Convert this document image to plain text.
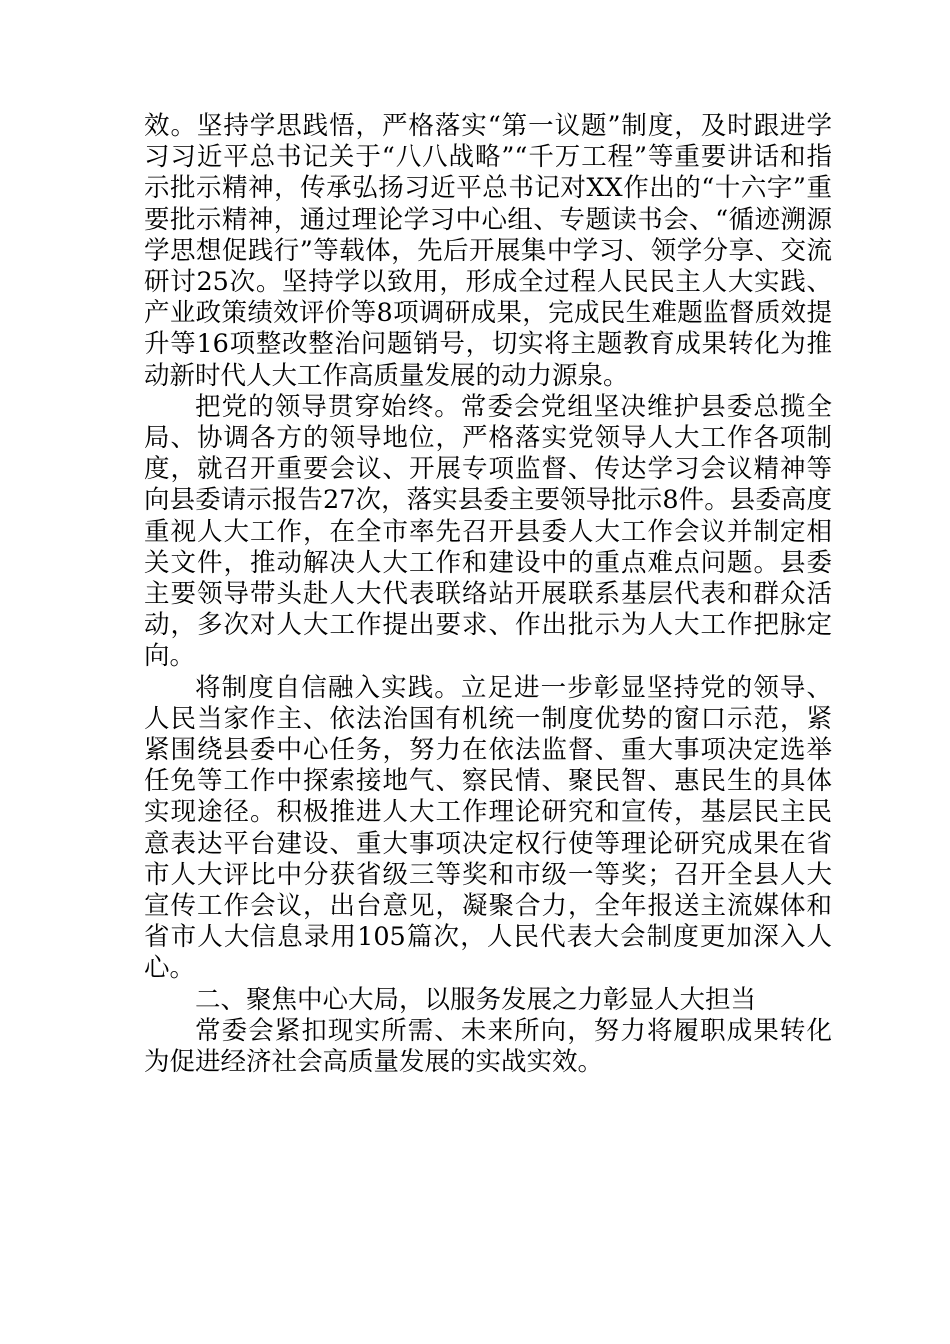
效。坚持学思践悟，严格落实“第一议题”制度，及时跟进学习习近平总书记关于“八八战略”“千万工程”等重要讲话和指示批示精神，传承弘扬习近平总书记对XX作出的“十六字”重要批示精神，通过理论学习中心组、专题读书会、“循迹溯源学思想促践行”等载体，先后开展集中学习、领学分享、交流研讨25次。坚持学以致用，形成全过程人民民主人大实践、产业政策绩效评价等8项调研成果，完成民生难题监督质效提升等16项整改整治问题销号，切实将主题教育成果转化为推动新时代人大工作高质量发展的动力源泉。

把党的领导贯穿始终。常委会党组坚决维护县委总揽全局、协调各方的领导地位，严格落实党领导人大工作各项制度，就召开重要会议、开展专项监督、传达学习会议精神等向县委请示报告27次，落实县委主要领导批示8件。县委高度重视人大工作，在全市率先召开县委人大工作会议并制定相关文件，推动解决人大工作和建设中的重点难点问题。县委主要领导带头赴人大代表联络站开展联系基层代表和群众活动，多次对人大工作提出要求、作出批示为人大工作把脉定向。

将制度自信融入实践。立足进一步彰显坚持党的领导、人民当家作主、依法治国有机统一制度优势的窗口示范，紧紧围绕县委中心任务，努力在依法监督、重大事项决定选举任免等工作中探索接地气、察民情、聚民智、惠民生的具体实现途径。积极推进人大工作理论研究和宣传，基层民主民意表达平台建设、重大事项决定权行使等理论研究成果在省市人大评比中分获省级三等奖和市级一等奖；召开全县人大宣传工作会议，出台意见，凝聚合力，全年报送主流媒体和省市人大信息录用105篇次，人民代表大会制度更加深入人心。

二、聚焦中心大局，以服务发展之力彰显人大担当

常委会紧扣现实所需、未来所向，努力将履职成果转化为促进经济社会高质量发展的实战实效。
